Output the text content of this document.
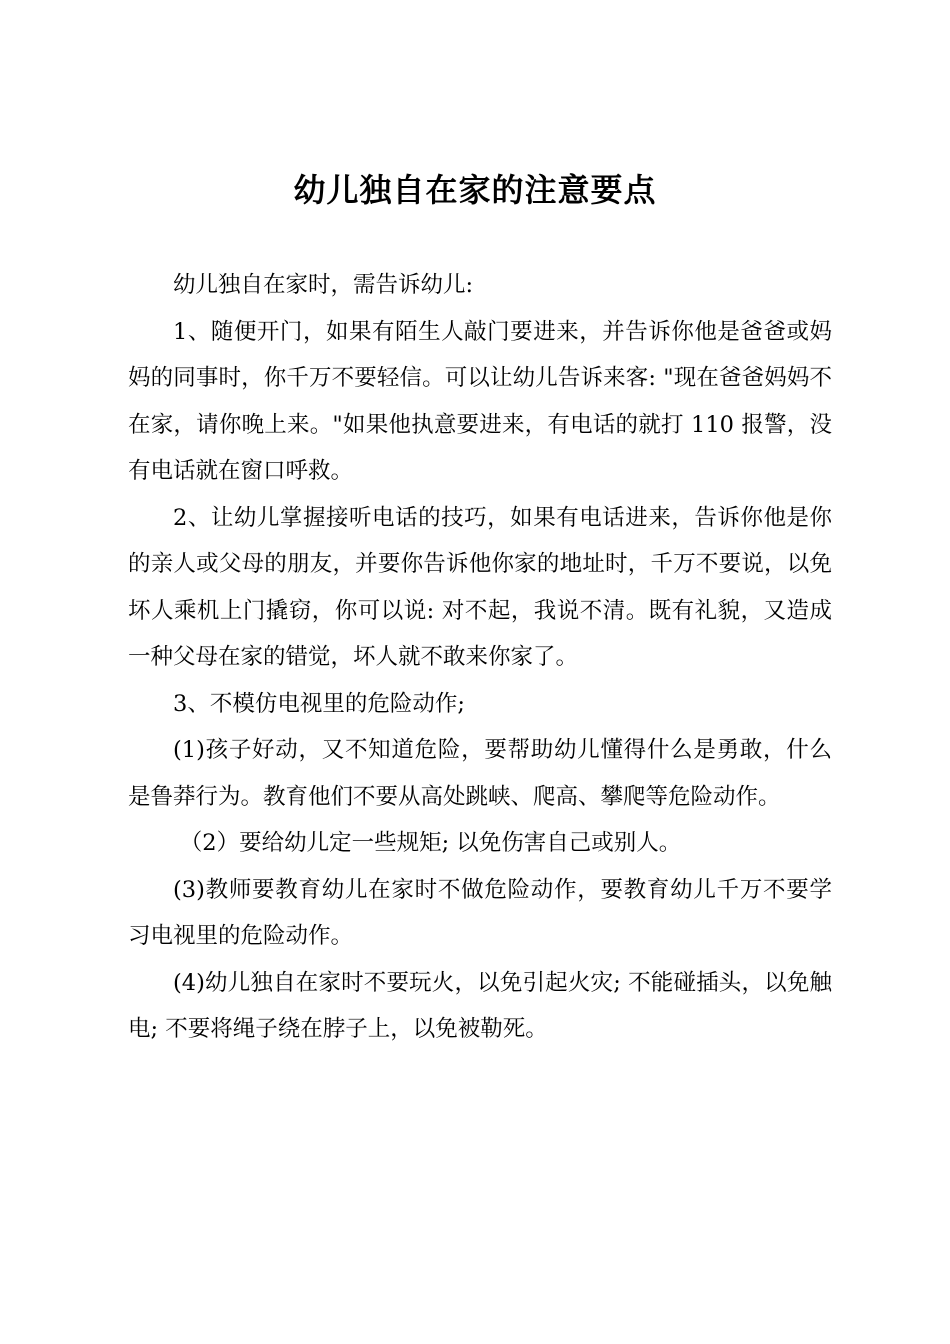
幼儿独自在家的注意要点

幼儿独自在家时，需告诉幼儿:

1、随便开门，如果有陌生人敲门要进来，并告诉你他是爸爸或妈妈的同事时，你千万不要轻信。可以让幼儿告诉来客: "现在爸爸妈妈不在家，请你晚上来。"如果他执意要进来，有电话的就打 110 报警，没有电话就在窗口呼救。

2、让幼儿掌握接听电话的技巧，如果有电话进来，告诉你他是你的亲人或父母的朋友，并要你告诉他你家的地址时，千万不要说，以免坏人乘机上门撬窃，你可以说: 对不起，我说不清。既有礼貌，又造成一种父母在家的错觉，坏人就不敢来你家了。

3、不模仿电视里的危险动作;

(1)孩子好动，又不知道危险，要帮助幼儿懂得什么是勇敢，什么是鲁莽行为。教育他们不要从高处跳峡、爬高、攀爬等危险动作。

（2）要给幼儿定一些规矩; 以免伤害自己或别人。

(3)教师要教育幼儿在家时不做危险动作，要教育幼儿千万不要学习电视里的危险动作。

(4)幼儿独自在家时不要玩火，以免引起火灾; 不能碰插头，以免触电; 不要将绳子绕在脖子上，以免被勒死。
